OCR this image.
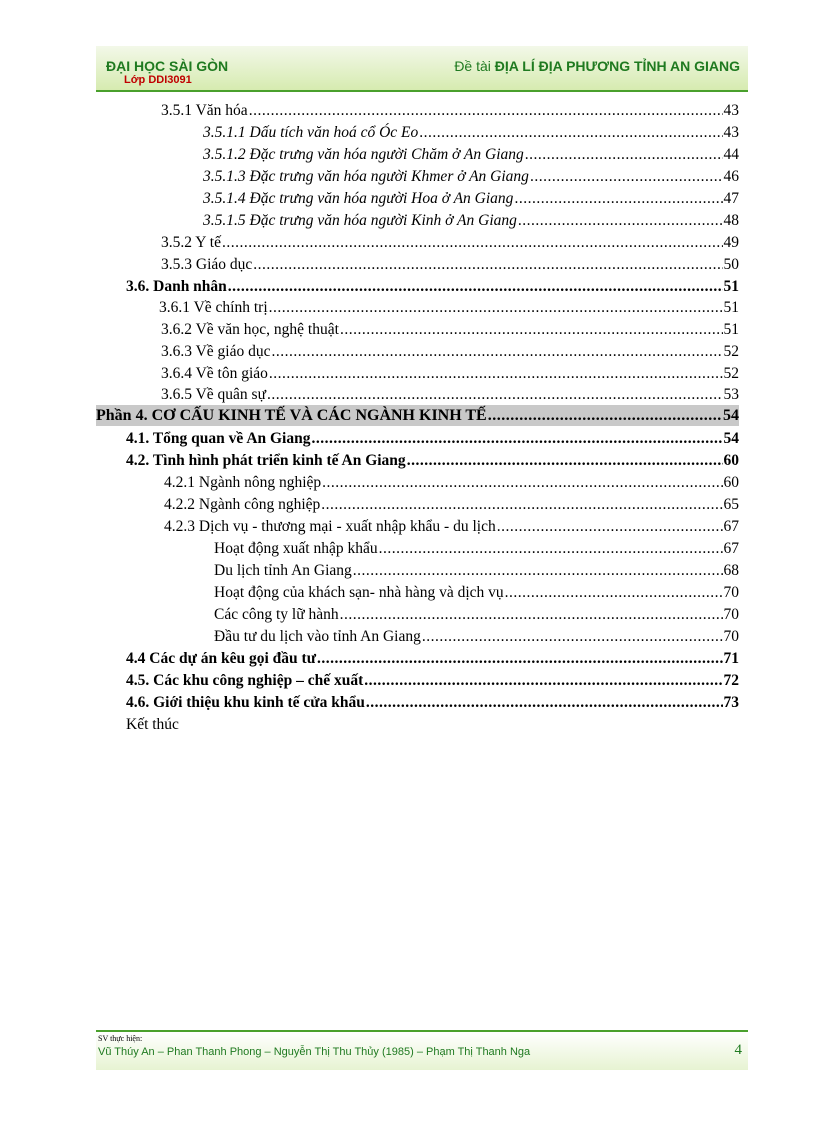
ĐẠI HỌC SÀI GÒN
Lớp DDI3091
Đề tài ĐỊA LÍ ĐỊA PHƯƠNG TỈNH AN GIANG
3.5.1 Văn hóa .....	43
3.5.1.1 Dấu tích văn hoá cổ Óc Eo .....	43
3.5.1.2 Đặc trưng văn hóa người Chăm ở An Giang .....	44
3.5.1.3 Đặc trưng văn hóa người Khmer ở An Giang .....	46
3.5.1.4 Đặc trưng văn hóa người Hoa ở An Giang .....	47
3.5.1.5 Đặc trưng văn hóa người Kinh ở An Giang .....	48
3.5.2 Y tế .....	49
3.5.3 Giáo dục .....	50
3.6. Danh nhân .....	51
3.6.1 Về chính trị .....	51
3.6.2 Về văn học, nghệ thuật .....	51
3.6.3 Về giáo dục .....	52
3.6.4 Về tôn giáo .....	52
3.6.5 Về quân sự .....	53
Phần 4. CƠ CẤU KINH TẾ VÀ CÁC NGÀNH KINH TẾ .....	54
4.1. Tổng quan về An Giang .....	54
4.2. Tình hình phát triển kinh tế An Giang .....	60
4.2.1 Ngành nông nghiệp .....	60
4.2.2 Ngành công nghiệp .....	65
4.2.3 Dịch vụ - thương mại - xuất nhập khẩu - du lịch .....	67
Hoạt động xuất nhập khẩu .....	67
Du lịch tỉnh An Giang .....	68
Hoạt động của khách sạn- nhà hàng và dịch vụ .....	70
Các công ty lữ hành .....	70
Đầu tư du lịch vào tỉnh An Giang .....	70
4.4 Các dự án kêu gọi đầu tư .....	71
4.5. Các khu công nghiệp – chế xuất .....	72
4.6. Giới thiệu khu kinh tế cửa khẩu .....	73
Kết thúc
SV thực hiện:
Vũ Thúy An – Phan Thanh Phong – Nguyễn Thị Thu Thủy (1985) – Phạm Thị Thanh Nga	4
